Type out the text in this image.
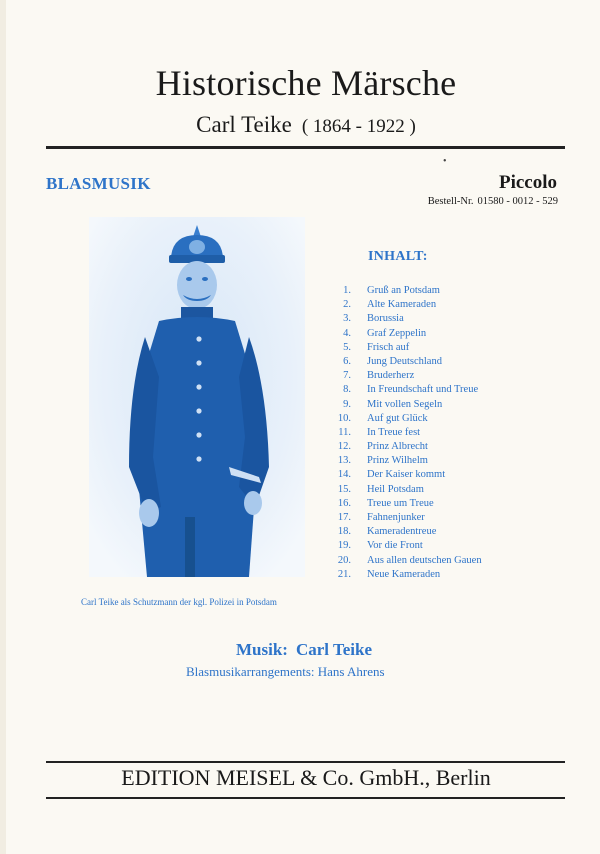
Historische Märsche
Carl Teike ( 1864 - 1922 )
•
BLASMUSIK	Piccolo
Bestell-Nr. 01580 - 0012 - 529
Carl Teike als Schutzmann der kgl. Polizei in Potsdam
INHALT:
1. Gruß an Potsdam
2. Alte Kameraden
3. Borussia
4. Graf Zeppelin
5. Frisch auf
6. Jung Deutschland
7. Bruderherz
8. In Freundschaft und Treue
9. Mit vollen Segeln
10. Auf gut Glück
11. In Treue fest
12. Prinz Albrecht
13. Prinz Wilhelm
14. Der Kaiser kommt
15. Heil Potsdam
16. Treue um Treue
17. Fahnenjunker
18. Kameradentreue
19. Vor die Front
20. Aus allen deutschen Gauen
21. Neue Kameraden
Musik: Carl Teike
Blasmusikarrangements: Hans Ahrens
EDITION MEISEL & Co. GmbH., Berlin
